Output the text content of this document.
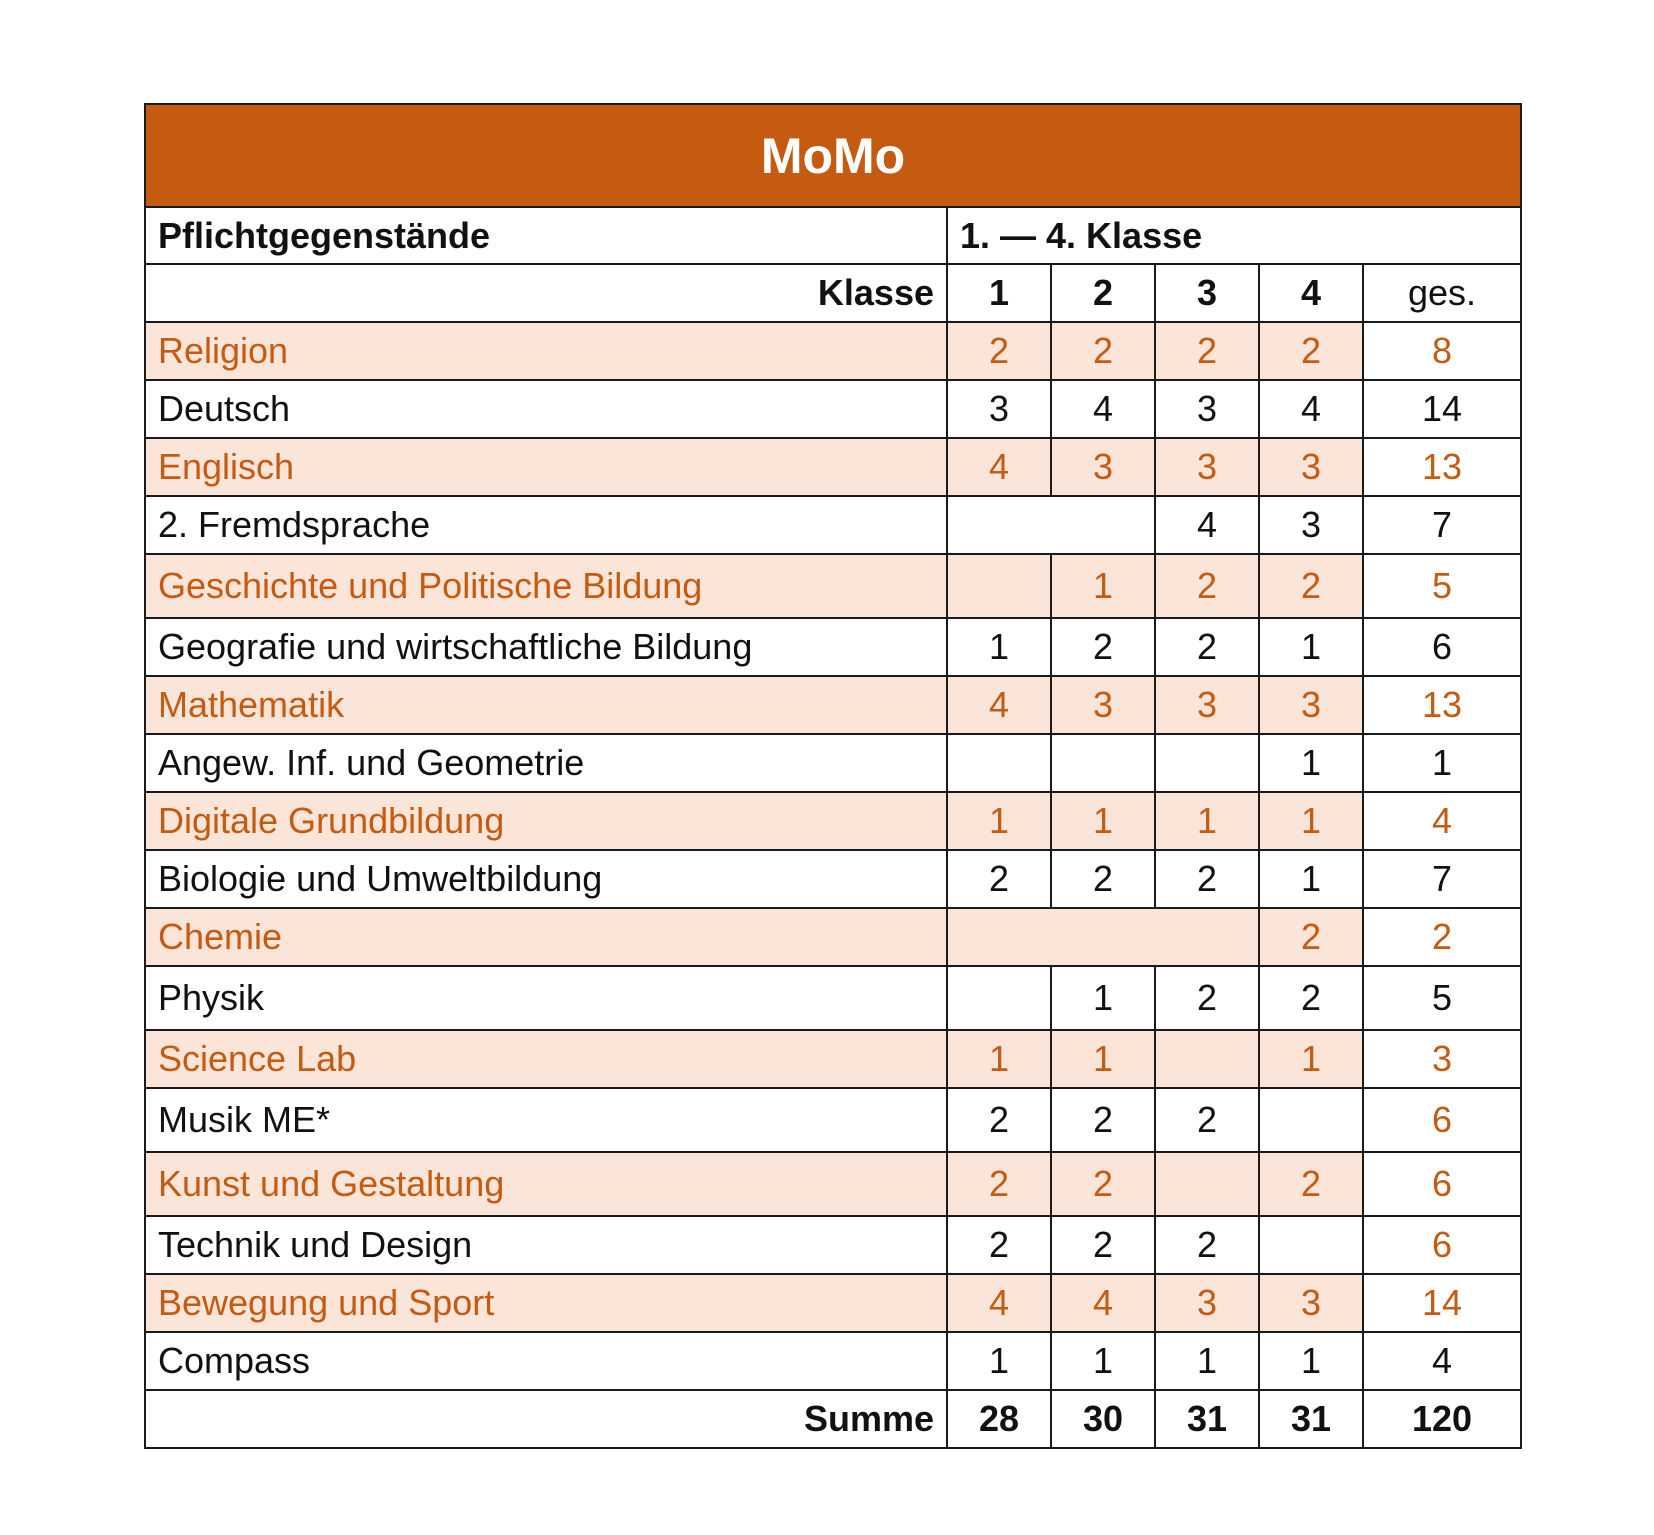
MoMo					
Pflichtgegenstände	1. — 4. Klasse				
Klasse	1	2	3	4	ges.
Religion	2	2	2	2	8
Deutsch	3	4	3	4	14
Englisch	4	3	3	3	13
2. Fremdsprache			4	3	7
Geschichte und Politische Bildung		1	2	2	5
Geografie und wirtschaftliche Bildung	1	2	2	1	6
Mathematik	4	3	3	3	13
Angew. Inf. und Geometrie				1	1
Digitale Grundbildung	1	1	1	1	4
Biologie und Umweltbildung	2	2	2	1	7
Chemie				2	2
Physik		1	2	2	5
Science Lab	1	1		1	3
Musik ME*	2	2	2		6
Kunst und Gestaltung	2	2		2	6
Technik und Design	2	2	2		6
Bewegung und Sport	4	4	3	3	14
Compass	1	1	1	1	4
Summe	28	30	31	31	120
